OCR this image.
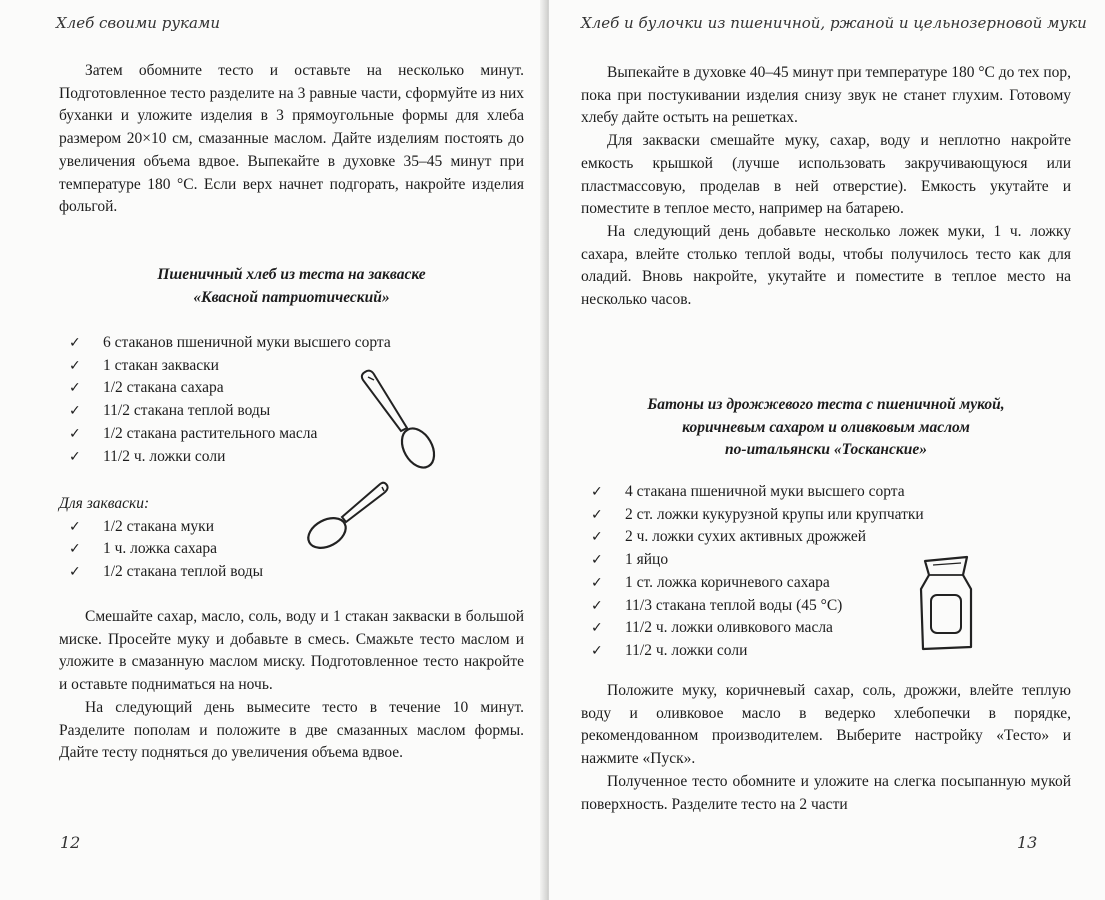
Хлеб своими руками

Затем обомните тесто и оставьте на несколько минут. Подготовленное тесто разделите на 3 равные части, сформуйте из них буханки и уложите изделия в 3 прямоугольные формы для хлеба размером 20×10 см, смазанные маслом. Дайте изделиям постоять до увеличения объема вдвое. Выпекайте в духовке 35–45 минут при температуре 180 °С. Если верх начнет подгорать, накройте изделия фольгой.

Пшеничный хлеб из теста на закваске
«Квасной патриотический»
✓ 6 стаканов пшеничной муки высшего сорта
✓ 1 стакан закваски
✓ 1/2 стакана сахара
✓ 11/2 стакана теплой воды
✓ 1/2 стакана растительного масла
✓ 11/2 ч. ложки соли
Для закваски:
✓ 1/2 стакана муки
✓ 1 ч. ложка сахара
✓ 1/2 стакана теплой воды

Смешайте сахар, масло, соль, воду и 1 стакан закваски в большой миске. Просейте муку и добавьте в смесь. Смажьте тесто маслом и уложите в смазанную маслом миску. Подготовленное тесто накройте и оставьте подниматься на ночь.

На следующий день вымесите тесто в течение 10 минут. Разделите пополам и положите в две смазанных маслом формы. Дайте тесту подняться до увеличения объема вдвое.

12
Хлеб и булочки из пшеничной, ржаной и цельнозерновой муки

Выпекайте в духовке 40–45 минут при температуре 180 °С до тех пор, пока при постукивании изделия снизу звук не станет глухим. Готовому хлебу дайте остыть на решетках.

Для закваски смешайте муку, сахар, воду и неплотно накройте емкость крышкой (лучше использовать закручивающуюся или пластмассовую, проделав в ней отверстие). Емкость укутайте и поместите в теплое место, например на батарею.

На следующий день добавьте несколько ложек муки, 1 ч. ложку сахара, влейте столько теплой воды, чтобы получилось тесто как для оладий. Вновь накройте, укутайте и поместите в теплое место на несколько часов.

Батоны из дрожжевого теста с пшеничной мукой,
коричневым сахаром и оливковым маслом
по-итальянски «Тосканские»
✓ 4 стакана пшеничной муки высшего сорта
✓ 2 ст. ложки кукурузной крупы или крупчатки
✓ 2 ч. ложки сухих активных дрожжей
✓ 1 яйцо
✓ 1 ст. ложка коричневого сахара
✓ 11/3 стакана теплой воды (45 °С)
✓ 11/2 ч. ложки оливкового масла
✓ 11/2 ч. ложки соли

Положите муку, коричневый сахар, соль, дрожжи, влейте теплую воду и оливковое масло в ведерко хлебопечки в порядке, рекомендованном производителем. Выберите настройку «Тесто» и нажмите «Пуск».

Полученное тесто обомните и уложите на слегка посыпанную мукой поверхность. Разделите тесто на 2 части

13
